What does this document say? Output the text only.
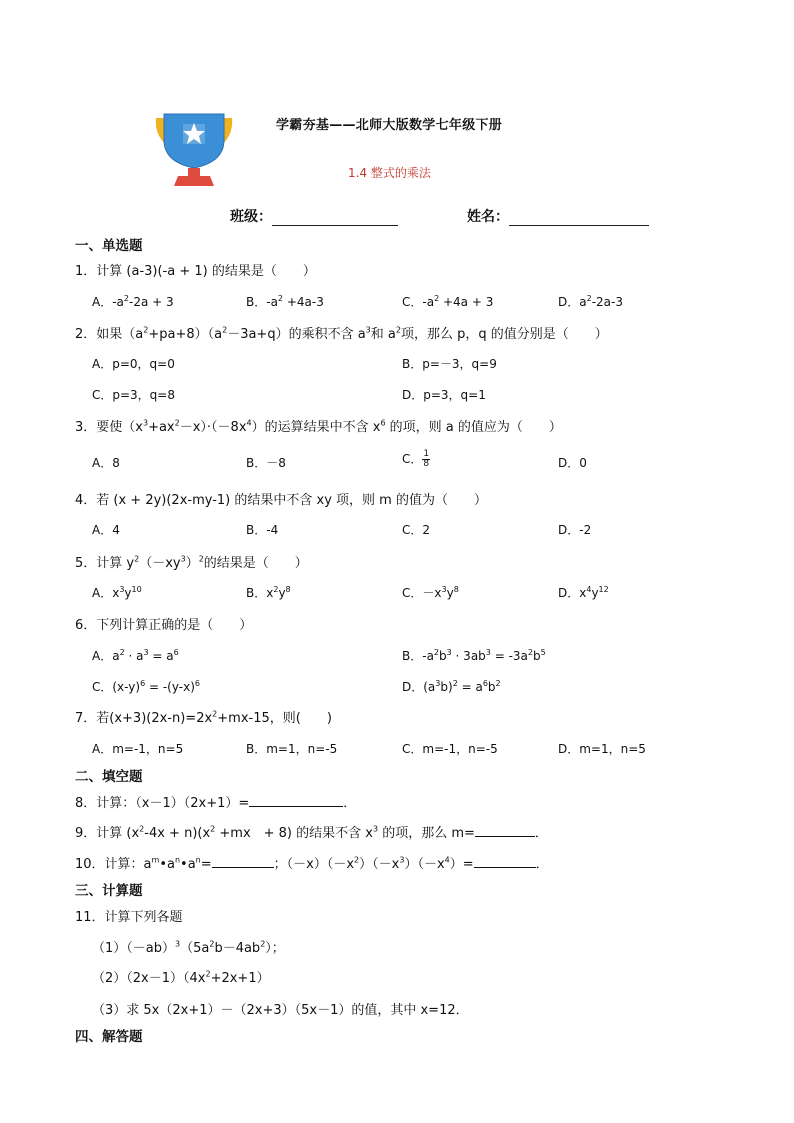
学霸夯基——北师大版数学七年级下册
1.4 整式的乘法
班级：	姓名：
一、单选题
1．计算 (a-3)(-a + 1) 的结果是（　　）
A．$-a^2-2a + 3$	B．$-a^2 +4a-3$	C．$-a^2 +4a + 3$	D．$a^2-2a-3$
2．如果$(a^2+pa+8)(a^2-3a+q)$的乘积不含 $a^3$和 $a^2$项，那么 p，q 的值分别是（　　）
A．p=0，q=0	B．p=－3，q=9
C．p=3，q=8	D．p=3，q=1
3．要使$(x^3+ax^2-x)\cdot(-8x^4)$的运算结果中不含 $x^6$ 的项，则 a 的值应为（　　）
A．8	B．－8	C． $\frac{1}{8}$	D．0
4．若 (x + 2y)(2x-my-1) 的结果中不含 xy 项，则 m 的值为（　　）
A．4	B．-4	C．2	D．-2
5．计算 $y^2(-xy^3)^2$的结果是（　　）
A．$x^3y^{10}$	B．$x^2y^8$	C．$-x^3y^8$	D．$x^4y^{12}$
6．下列计算正确的是（　　）
A．$a^2 \cdot a^3 = a^6$	B．$-a^2b^3 \cdot 3ab^3 = -3a^2b^5$
C．$(x-y)^6 = -(y-x)^6$	D．$(a^3b)^2 = a^6b^2$
7．若$(x+3)(2x-n)=2x^2+mx-15$，则(　　)
A．m=-1，n=5	B．m=1，n=-5	C．m=-1，n=-5	D．m=1，n=5
二、填空题
8．计算：（x－1）（2x+1）=	．
9．计算 $(x^2-4x + n)(x^2 +mx$　+ 8) 的结果不含 $x^3$ 的项，那么 m=	．
10．计算：$a^m•a^n•a^n=$	；$(-x)(-x^2)(-x^3)(-x^4)=$	．
三、计算题
11．计算下列各题
$(1)(-ab)^3(5a^2b-4ab^2)$；
$(2)(2x-1)(4x^2+2x+1)$
（3）求 5x（2x+1）－（2x+3）（5x－1）的值，其中 x=12．
四、解答题
